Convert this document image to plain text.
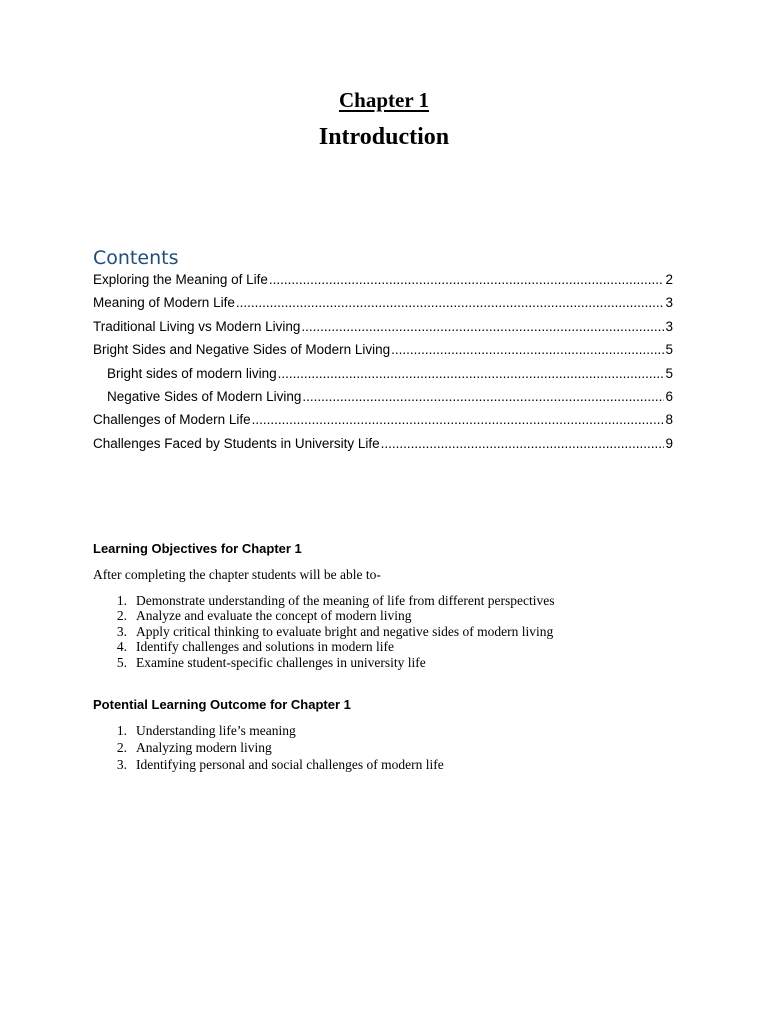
Chapter 1
Introduction
Contents
Exploring the Meaning of Life .....	2
Meaning of Modern Life .....	3
Traditional Living vs Modern Living .....	3
Bright Sides and Negative Sides of Modern Living .....	5
Bright sides of modern living .....	5
Negative Sides of Modern Living .....	6
Challenges of Modern Life .....	8
Challenges Faced by Students in University Life .....	9
Learning Objectives for Chapter 1
After completing the chapter students will be able to-
1. Demonstrate understanding of the meaning of life from different perspectives
2. Analyze and evaluate the concept of modern living
3. Apply critical thinking to evaluate bright and negative sides of modern living
4. Identify challenges and solutions in modern life
5. Examine student-specific challenges in university life
Potential Learning Outcome for Chapter 1
1. Understanding life’s meaning
2. Analyzing modern living
3. Identifying personal and social challenges of modern life
